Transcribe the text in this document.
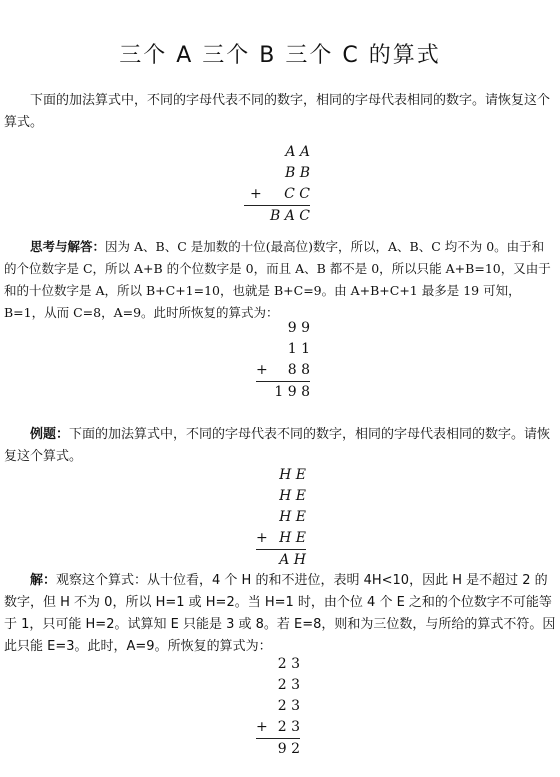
三个 A 三个 B 三个 C 的算式
下面的加法算式中，不同的字母代表不同的数字，相同的字母代表相同的数字。请恢复这个算式。
A A
B B
+ C C
B A C
思考与解答：因为 A、B、C 是加数的十位(最高位)数字，所以，A、B、C 均不为 0。由于和的个位数字是 C，所以 A+B 的个位数字是 0，而且 A、B 都不是 0，所以只能 A+B=10，又由于和的十位数字是 A，所以 B+C+1=10，也就是 B+C=9。由 A+B+C+1 最多是 19 可知，B=1，从而 C=8，A=9。此时所恢复的算式为：
9 9
1 1
+ 8 8
1 9 8
例题：下面的加法算式中，不同的字母代表不同的数字，相同的字母代表相同的数字。请恢复这个算式。
H E
H E
H E
+ H E
A H
解：观察这个算式：从十位看，4 个 H 的和不进位，表明 4H<10，因此 H 是不超过 2 的数字，但 H 不为 0，所以 H=1 或 H=2。当 H=1 时，由个位 4 个 E 之和的个位数字不可能等于 1，只可能 H=2。试算知 E 只能是 3 或 8。若 E=8，则和为三位数，与所给的算式不符。因此只能 E=3。此时，A=9。所恢复的算式为：
2 3
2 3
2 3
+ 2 3
9 2
